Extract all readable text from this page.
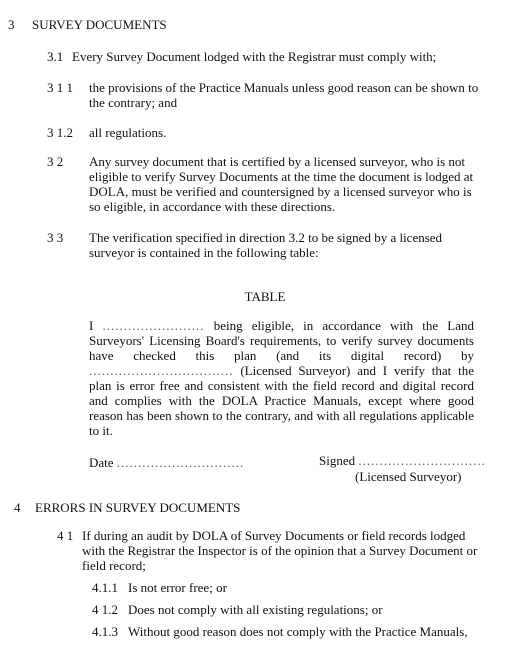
3 SURVEY DOCUMENTS
3.1 Every Survey Document lodged with the Registrar must comply with;
3 1 1 the provisions of the Practice Manuals unless good reason can be shown to the contrary; and
3 1.2 all regulations.
3 2 Any survey document that is certified by a licensed surveyor, who is not eligible to verify Survey Documents at the time the document is lodged at DOLA, must be verified and countersigned by a licensed surveyor who is so eligible, in accordance with these directions.
3 3 The verification specified in direction 3.2 to be signed by a licensed surveyor is contained in the following table:
TABLE
I ........................ being eligible, in accordance with the Land Surveyors' Licensing Board's requirements, to verify survey documents have checked this plan (and its digital record) by .................................. (Licensed Surveyor) and I verify that the plan is error free and consistent with the field record and digital record and complies with the DOLA Practice Manuals, except where good reason has been shown to the contrary, and with all regulations applicable to it.
Date ..............................	Signed ..............................
(Licensed Surveyor)
4 ERRORS IN SURVEY DOCUMENTS
4 1 If during an audit by DOLA of Survey Documents or field records lodged with the Registrar the Inspector is of the opinion that a Survey Document or field record;
4.1.1 Is not error free; or
4 1.2 Does not comply with all existing regulations; or
4.1.3 Without good reason does not comply with the Practice Manuals,
